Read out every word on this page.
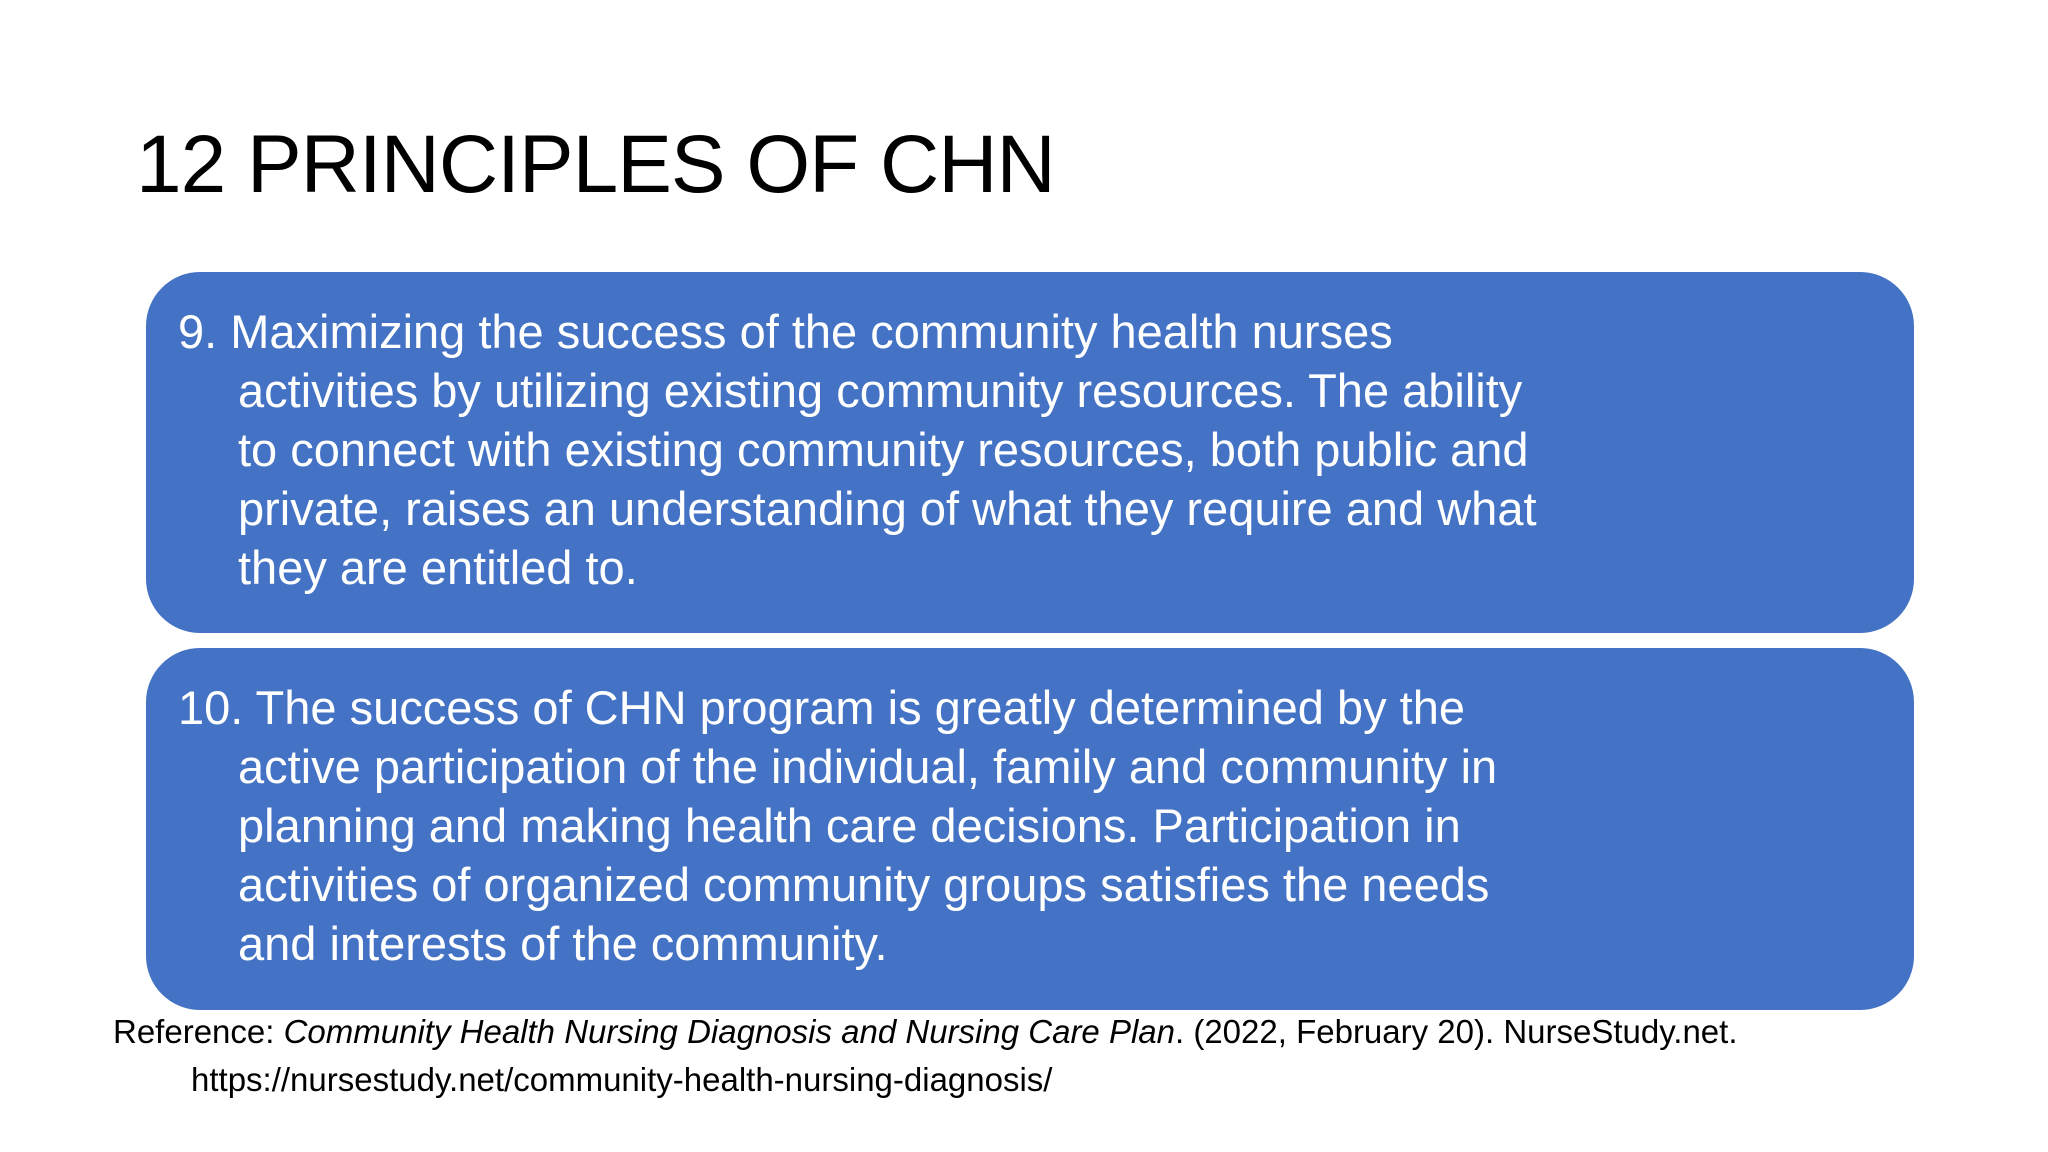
12 PRINCIPLES OF CHN

9. Maximizing the success of the community health nurses activities by utilizing existing community resources. The ability to connect with existing community resources, both public and private, raises an understanding of what they require and what they are entitled to.

10. The success of CHN program is greatly determined by the active participation of the individual, family and community in planning and making health care decisions. Participation in activities of organized community groups satisfies the needs and interests of the community.

Reference: Community Health Nursing Diagnosis and Nursing Care Plan. (2022, February 20). NurseStudy.net. https://nursestudy.net/community-health-nursing-diagnosis/
